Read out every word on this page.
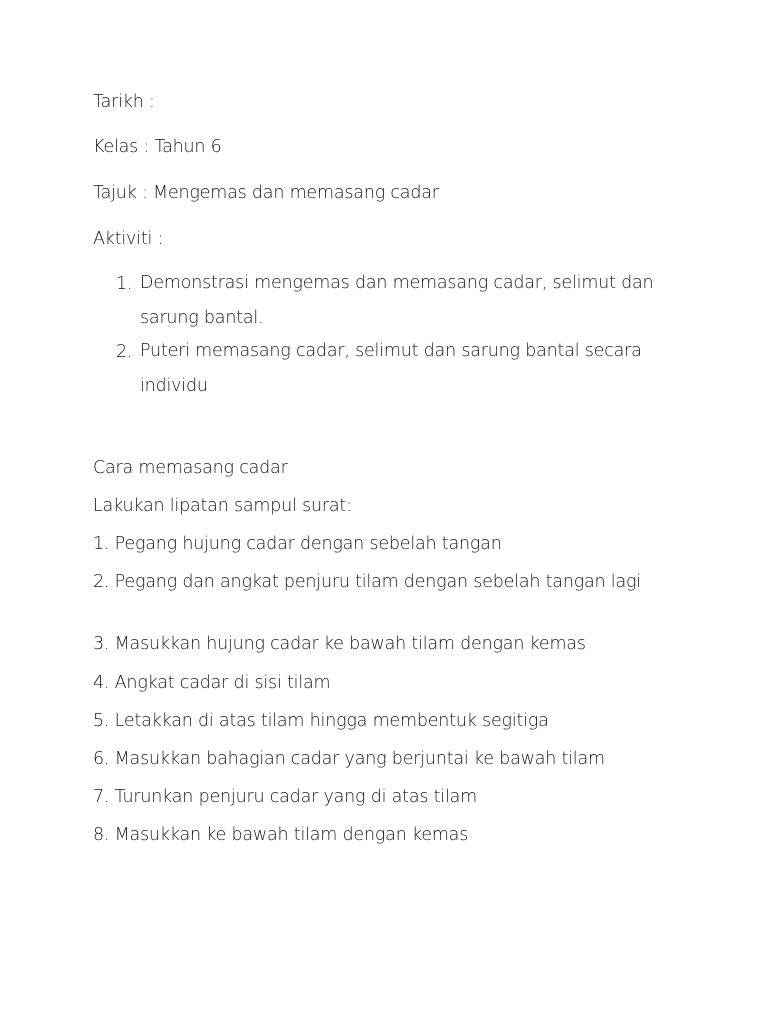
Tarikh :
Kelas : Tahun 6
Tajuk : Mengemas dan memasang cadar
Aktiviti :
1. Demonstrasi mengemas dan memasang cadar, selimut dan sarung bantal.
2. Puteri memasang cadar, selimut dan sarung bantal secara individu
Cara memasang cadar
Lakukan lipatan sampul surat:
1. Pegang hujung cadar dengan sebelah tangan
2. Pegang dan angkat penjuru tilam dengan sebelah tangan lagi
3. Masukkan hujung cadar ke bawah tilam dengan kemas
4. Angkat cadar di sisi tilam
5. Letakkan di atas tilam hingga membentuk segitiga
6. Masukkan bahagian cadar yang berjuntai ke bawah tilam
7. Turunkan penjuru cadar yang di atas tilam
8. Masukkan ke bawah tilam dengan kemas
